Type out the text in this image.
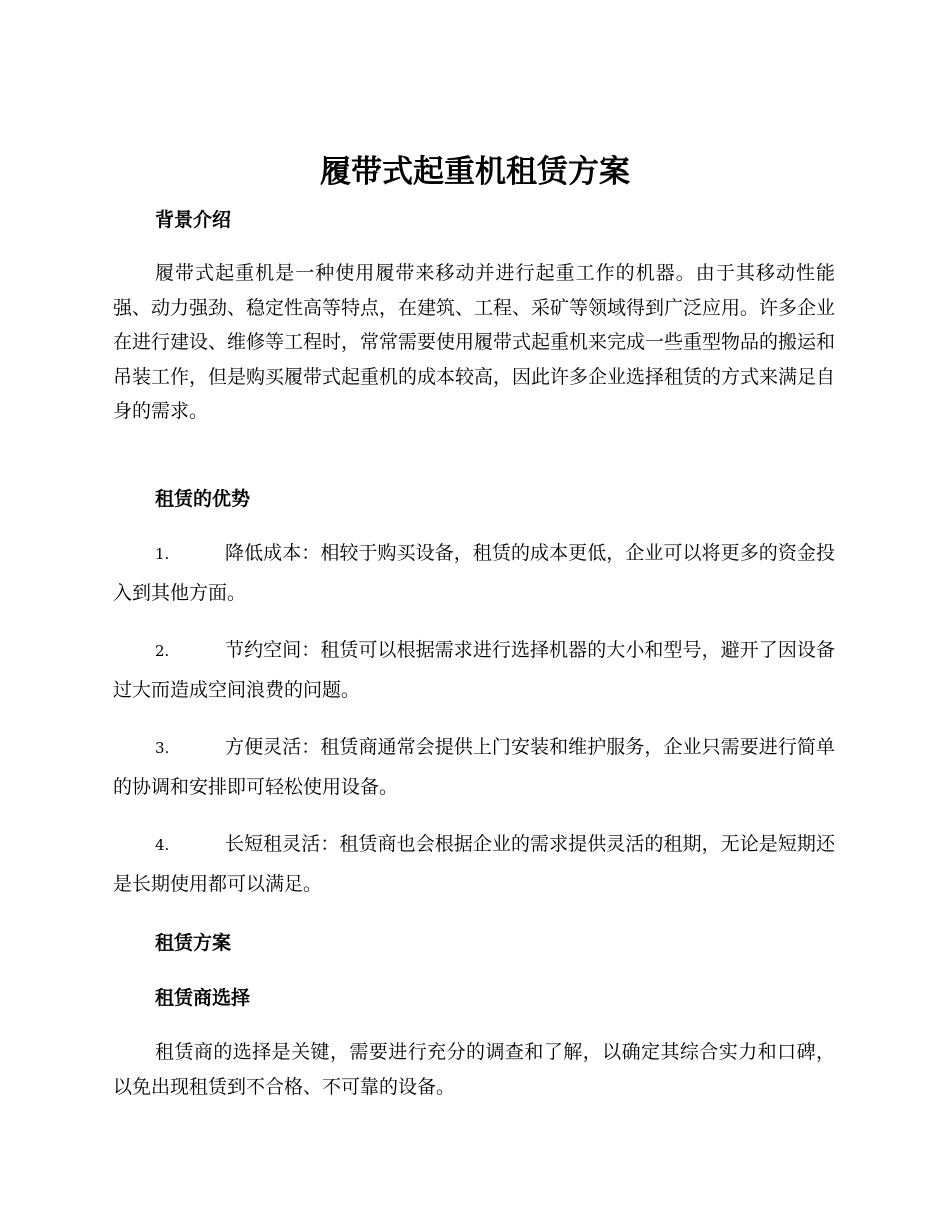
履带式起重机租赁方案
背景介绍

履带式起重机是一种使用履带来移动并进行起重工作的机器。由于其移动性能强、动力强劲、稳定性高等特点，在建筑、工程、采矿等领域得到广泛应用。许多企业在进行建设、维修等工程时，常常需要使用履带式起重机来完成一些重型物品的搬运和吊装工作，但是购买履带式起重机的成本较高，因此许多企业选择租赁的方式来满足自身的需求。

租赁的优势

1.	降低成本：相较于购买设备，租赁的成本更低，企业可以将更多的资金投入到其他方面。

2.	节约空间：租赁可以根据需求进行选择机器的大小和型号，避开了因设备过大而造成空间浪费的问题。

3.	方便灵活：租赁商通常会提供上门安装和维护服务，企业只需要进行简单的协调和安排即可轻松使用设备。

4.	长短租灵活：租赁商也会根据企业的需求提供灵活的租期，无论是短期还是长期使用都可以满足。

租赁方案
租赁商选择

租赁商的选择是关键，需要进行充分的调查和了解，以确定其综合实力和口碑，以免出现租赁到不合格、不可靠的设备。
